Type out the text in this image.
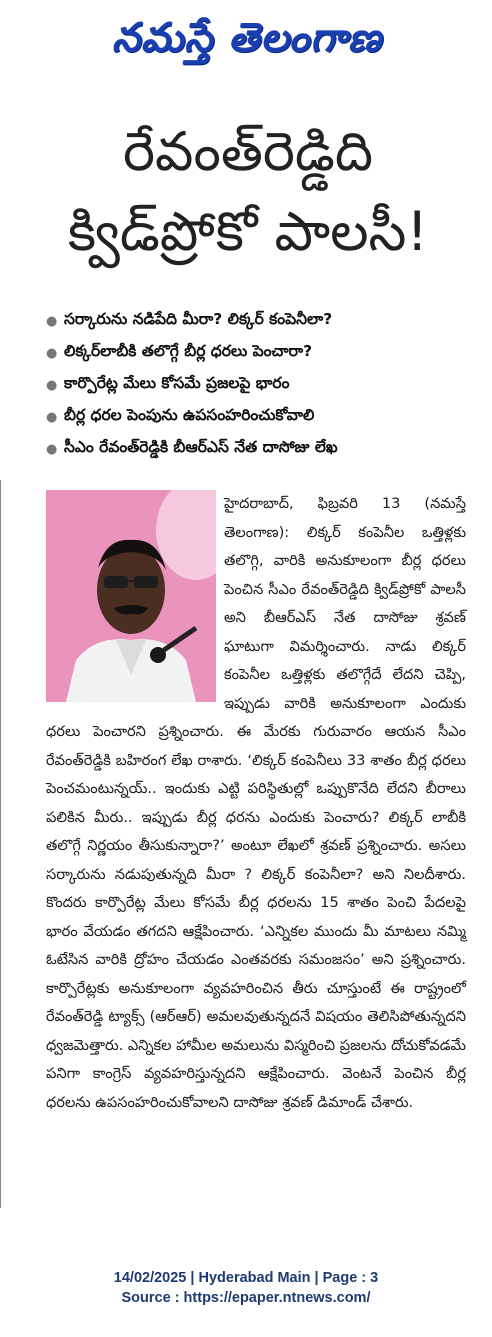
నమస్తే తెలంగాణ
రేవంత్‌రెడ్డిది
క్విడ్‌ప్రోకో పాలసీ!
● సర్కారును నడిపేది మీరా? లిక్కర్ కంపెనీలా?
● లిక్కర్‌లాబీకి తలొగ్గే బీర్ల ధరలు పెంచారా?
● కార్పొరేట్ల మేలు కోసమే ప్రజలపై భారం
● బీర్ల ధరల పెంపును ఉపసంహరించుకోవాలి
● సీఎం రేవంత్‌రెడ్డికి బీఆర్‌ఎస్ నేత దాసోజు లేఖ
హైదరాబాద్, ఫిబ్రవరి 13 (నమస్తే తెలంగాణ): లిక్కర్ కంపెనీల ఒత్తిళ్లకు తలొగ్గి, వారికి అనుకూలంగా బీర్ల ధరలు పెంచిన సీఎం రేవంత్‌రెడ్డిది క్విడ్‌ప్రోకో పాలసీ అని బీఆర్‌ఎస్ నేత దాసోజు శ్రవణ్ ఘాటుగా విమర్శించారు. నాడు లిక్కర్ కంపెనీల ఒత్తిళ్లకు తలొగ్గేదే లేదని చెప్పి, ఇప్పుడు వారికి అనుకూలంగా ఎందుకు ధరలు పెంచారని ప్రశ్నించారు. ఈ మేరకు గురువారం ఆయన సీఎం రేవంత్‌రెడ్డికి బహిరంగ లేఖ రాశారు. ‘లిక్కర్ కంపెనీలు 33 శాతం బీర్ల ధరలు పెంచమంటున్నయ్.. ఇందుకు ఎట్టి పరిస్థితుల్లో ఒప్పుకొనేది లేదని బీరాలు పలికిన మీరు.. ఇప్పుడు బీర్ల ధరను ఎందుకు పెంచారు? లిక్కర్ లాబీకి తలొగ్గే నిర్ణయం తీసుకున్నారా?’ అంటూ లేఖలో శ్రవణ్ ప్రశ్నించారు. అసలు సర్కారును నడుపుతున్నది మీరా ? లిక్కర్ కంపెనీలా? అని నిలదీశారు. కొందరు కార్పొరేట్ల మేలు కోసమే బీర్ల ధరలను 15 శాతం పెంచి పేదలపై భారం వేయడం తగదని ఆక్షేపించారు. ‘ఎన్నికల ముందు మీ మాటలు నమ్మి ఓటేసిన వారికి ద్రోహం చేయడం ఎంతవరకు సమంజసం’ అని ప్రశ్నించారు. కార్పొరేట్లకు అనుకూలంగా వ్యవహరించిన తీరు చూస్తుంటే ఈ రాష్ట్రంలో రేవంత్‌రెడ్డి ట్యాక్స్ (ఆర్‌ఆర్) అమలవుతున్నదనే విషయం తెలిసిపోతున్నదని ధ్వజమెత్తారు. ఎన్నికల హామీల అమలును విస్మరించి ప్రజలను దోచుకోవడమే పనిగా కాంగ్రెస్ వ్యవహరిస్తున్నదని ఆక్షేపించారు. వెంటనే పెంచిన బీర్ల ధరలను ఉపసంహరించుకోవాలని దాసోజు శ్రవణ్ డిమాండ్ చేశారు.
14/02/2025 | Hyderabad Main | Page : 3
Source : https://epaper.ntnews.com/
